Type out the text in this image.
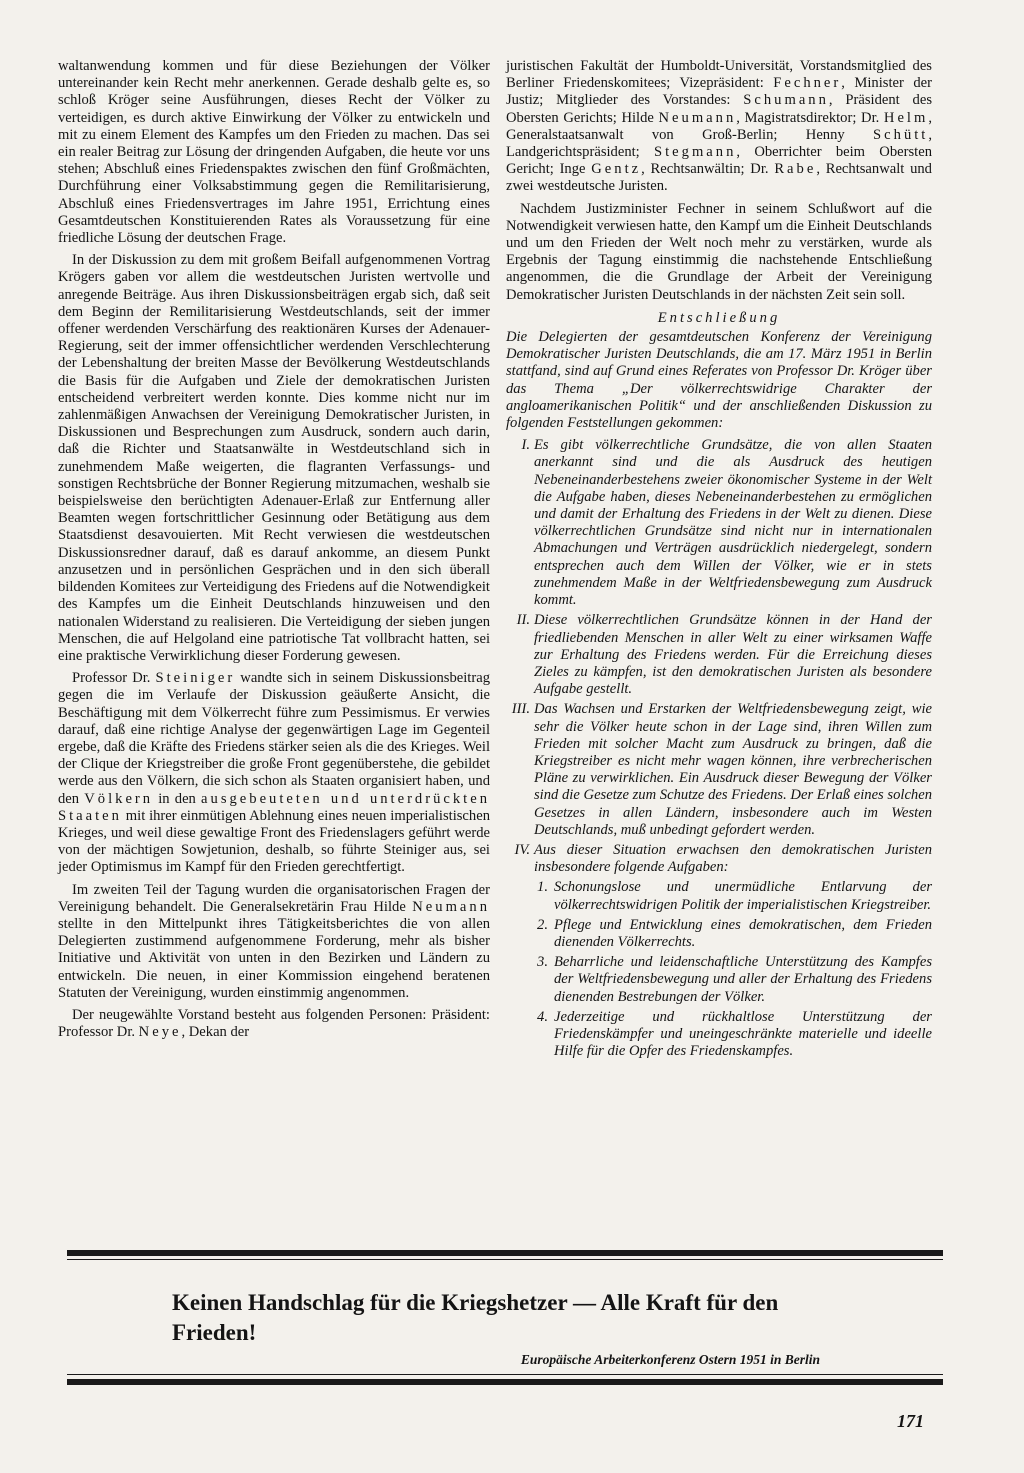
waltanwendung kommen und für diese Beziehungen der Völker untereinander kein Recht mehr anerkennen. Gerade deshalb gelte es, so schloß Kröger seine Ausführungen, dieses Recht der Völker zu verteidigen, es durch aktive Einwirkung der Völker zu entwickeln und mit zu einem Element des Kampfes um den Frieden zu machen. Das sei ein realer Beitrag zur Lösung der dringenden Aufgaben, die heute vor uns stehen; Abschluß eines Friedenspaktes zwischen den fünf Großmächten, Durchführung einer Volksabstimmung gegen die Remilitarisierung, Abschluß eines Friedensvertrages im Jahre 1951, Errichtung eines Gesamtdeutschen Konstituierenden Rates als Voraussetzung für eine friedliche Lösung der deutschen Frage.

In der Diskussion zu dem mit großem Beifall aufgenommenen Vortrag Krögers gaben vor allem die westdeutschen Juristen wertvolle und anregende Beiträge. Aus ihren Diskussionsbeiträgen ergab sich, daß seit dem Beginn der Remilitarisierung Westdeutschlands, seit der immer offener werdenden Verschärfung des reaktionären Kurses der Adenauer-Regierung, seit der immer offensichtlicher werdenden Verschlechterung der Lebenshaltung der breiten Masse der Bevölkerung Westdeutschlands die Basis für die Aufgaben und Ziele der demokratischen Juristen entscheidend verbreitert werden konnte. Dies komme nicht nur im zahlenmäßigen Anwachsen der Vereinigung Demokratischer Juristen, in Diskussionen und Besprechungen zum Ausdruck, sondern auch darin, daß die Richter und Staatsanwälte in Westdeutschland sich in zunehmendem Maße weigerten, die flagranten Verfassungs- und sonstigen Rechtsbrüche der Bonner Regierung mitzumachen, weshalb sie beispielsweise den berüchtigten Adenauer-Erlaß zur Entfernung aller Beamten wegen fortschrittlicher Gesinnung oder Betätigung aus dem Staatsdienst desavouierten. Mit Recht verwiesen die westdeutschen Diskussionsredner darauf, daß es darauf ankomme, an diesem Punkt anzusetzen und in persönlichen Gesprächen und in den sich überall bildenden Komitees zur Verteidigung des Friedens auf die Notwendigkeit des Kampfes um die Einheit Deutschlands hinzuweisen und den nationalen Widerstand zu realisieren. Die Verteidigung der sieben jungen Menschen, die auf Helgoland eine patriotische Tat vollbracht hatten, sei eine praktische Verwirklichung dieser Forderung gewesen.

Professor Dr. Steiniger wandte sich in seinem Diskussionsbeitrag gegen die im Verlaufe der Diskussion geäußerte Ansicht, die Beschäftigung mit dem Völkerrecht führe zum Pessimismus. Er verwies darauf, daß eine richtige Analyse der gegenwärtigen Lage im Gegenteil ergebe, daß die Kräfte des Friedens stärker seien als die des Krieges. Weil der Clique der Kriegstreiber die große Front gegenüberstehe, die gebildet werde aus den Völkern, die sich schon als Staaten organisiert haben, und den Völkern in den ausgebeuteten und unterdrückten Staaten mit ihrer einmütigen Ablehnung eines neuen imperialistischen Krieges, und weil diese gewaltige Front des Friedenslagers geführt werde von der mächtigen Sowjetunion, deshalb, so führte Steiniger aus, sei jeder Optimismus im Kampf für den Frieden gerechtfertigt.

Im zweiten Teil der Tagung wurden die organisatorischen Fragen der Vereinigung behandelt. Die Generalsekretärin Frau Hilde Neumann stellte in den Mittelpunkt ihres Tätigkeitsberichtes die von allen Delegierten zustimmend aufgenommene Forderung, mehr als bisher Initiative und Aktivität von unten in den Bezirken und Ländern zu entwickeln. Die neuen, in einer Kommission eingehend beratenen Statuten der Vereinigung, wurden einstimmig angenommen.

Der neugewählte Vorstand besteht aus folgenden Personen: Präsident: Professor Dr. Neye, Dekan der

juristischen Fakultät der Humboldt-Universität, Vorstandsmitglied des Berliner Friedenskomitees; Vizepräsident: Fechner, Minister der Justiz; Mitglieder des Vorstandes: Schumann, Präsident des Obersten Gerichts; Hilde Neumann, Magistratsdirektor; Dr. Helm, Generalstaatsanwalt von Groß-Berlin; Henny Schütt, Landgerichtspräsident; Stegmann, Oberrichter beim Obersten Gericht; Inge Gentz, Rechtsanwältin; Dr. Rabe, Rechtsanwalt und zwei westdeutsche Juristen.

Nachdem Justizminister Fechner in seinem Schlußwort auf die Notwendigkeit verwiesen hatte, den Kampf um die Einheit Deutschlands und um den Frieden der Welt noch mehr zu verstärken, wurde als Ergebnis der Tagung einstimmig die nachstehende Entschließung angenommen, die die Grundlage der Arbeit der Vereinigung Demokratischer Juristen Deutschlands in der nächsten Zeit sein soll.

Entschließung

Die Delegierten der gesamtdeutschen Konferenz der Vereinigung Demokratischer Juristen Deutschlands, die am 17. März 1951 in Berlin stattfand, sind auf Grund eines Referates von Professor Dr. Kröger über das Thema „Der völkerrechtswidrige Charakter der angloamerikanischen Politik“ und der anschließenden Diskussion zu folgenden Feststellungen gekommen:

I. Es gibt völkerrechtliche Grundsätze, die von allen Staaten anerkannt sind und die als Ausdruck des heutigen Nebeneinanderbestehens zweier ökonomischer Systeme in der Welt die Aufgabe haben, dieses Nebeneinanderbestehen zu ermöglichen und damit der Erhaltung des Friedens in der Welt zu dienen. Diese völkerrechtlichen Grundsätze sind nicht nur in internationalen Abmachungen und Verträgen ausdrücklich niedergelegt, sondern entsprechen auch dem Willen der Völker, wie er in stets zunehmendem Maße in der Weltfriedensbewegung zum Ausdruck kommt.
II. Diese völkerrechtlichen Grundsätze können in der Hand der friedliebenden Menschen in aller Welt zu einer wirksamen Waffe zur Erhaltung des Friedens werden. Für die Erreichung dieses Zieles zu kämpfen, ist den demokratischen Juristen als besondere Aufgabe gestellt.
III. Das Wachsen und Erstarken der Weltfriedensbewegung zeigt, wie sehr die Völker heute schon in der Lage sind, ihren Willen zum Frieden mit solcher Macht zum Ausdruck zu bringen, daß die Kriegstreiber es nicht mehr wagen können, ihre verbrecherischen Pläne zu verwirklichen. Ein Ausdruck dieser Bewegung der Völker sind die Gesetze zum Schutze des Friedens. Der Erlaß eines solchen Gesetzes in allen Ländern, insbesondere auch im Westen Deutschlands, muß unbedingt gefordert werden.
IV. Aus dieser Situation erwachsen den demokratischen Juristen insbesondere folgende Aufgaben:
1. Schonungslose und unermüdliche Entlarvung der völkerrechtswidrigen Politik der imperialistischen Kriegstreiber.
2. Pflege und Entwicklung eines demokratischen, dem Frieden dienenden Völkerrechts.
3. Beharrliche und leidenschaftliche Unterstützung des Kampfes der Weltfriedensbewegung und aller der Erhaltung des Friedens dienenden Bestrebungen der Völker.
4. Jederzeitige und rückhaltlose Unterstützung der Friedenskämpfer und uneingeschränkte materielle und ideelle Hilfe für die Opfer des Friedenskampfes.

Keinen Handschlag für die Kriegshetzer — Alle Kraft für den Frieden!

Europäische Arbeiterkonferenz Ostern 1951 in Berlin
171
